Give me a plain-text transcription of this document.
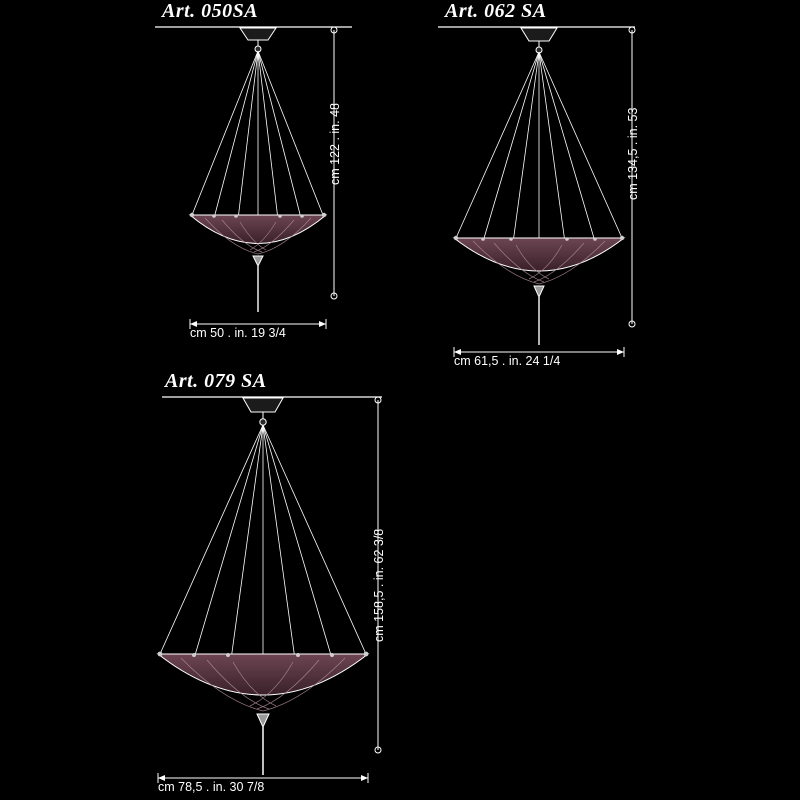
Art. 050SA
cm 122 . in. 48
cm 50 . in. 19 3/4
Art. 062 SA
cm 134,5 . in. 53
cm 61,5 . in. 24 1/4
Art. 079 SA
cm 158,5 . in. 62 3/8
cm 78,5 . in. 30 7/8
